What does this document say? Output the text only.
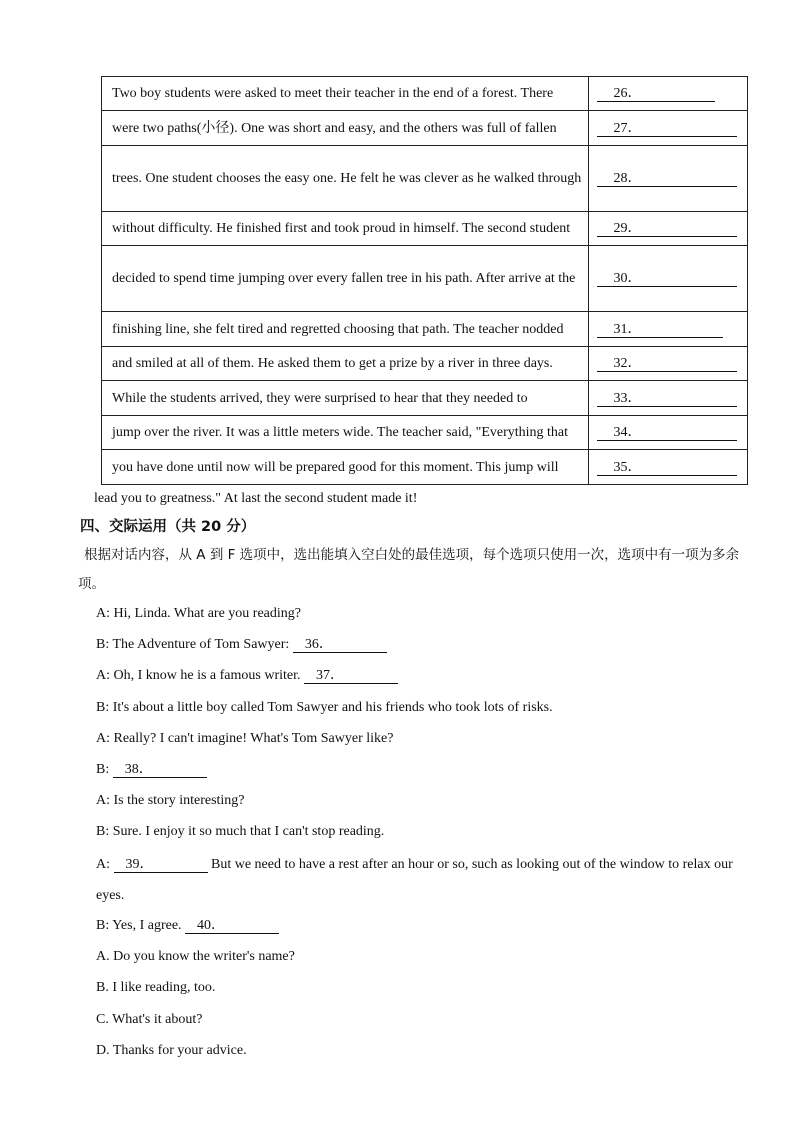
Two boy students were asked to meet their teacher in the end of a forest. There	26．
were two paths(小径). One was short and easy, and the others was full of fallen	27．
trees. One student chooses the easy one. He felt he was clever as he walked through	28．
without difficulty. He finished first and took proud in himself. The second student	29．
decided to spend time jumping over every fallen tree in his path. After arrive at the	30．
finishing line, she felt tired and regretted choosing that path. The teacher nodded	31．
and smiled at all of them. He asked them to get a prize by a river in three days.	32．
While the students arrived, they were surprised to hear that they needed to	33．
jump over the river. It was a little meters wide. The teacher said, "Everything that	34．
you have done until now will be prepared good for this moment. This jump will	35．
lead you to greatness." At last the second student made it!
四、交际运用（共 20 分）
根据对话内容，从 A 到 F 选项中，选出能填入空白处的最佳选项，每个选项只使用一次，选项中有一项为多余项。
A: Hi, Linda. What are you reading?
B: The Adventure of Tom Sawyer: 36．
A: Oh, I know he is a famous writer. 37．
B: It's about a little boy called Tom Sawyer and his friends who took lots of risks.
A: Really? I can't imagine! What's Tom Sawyer like?
B: 38．
A: Is the story interesting?
B: Sure. I enjoy it so much that I can't stop reading.
A: 39．	But we need to have a rest after an hour or so, such as looking out of the window to relax our eyes.
B: Yes, I agree. 40．
A. Do you know the writer's name?
B. I like reading, too.
C. What's it about?
D. Thanks for your advice.
